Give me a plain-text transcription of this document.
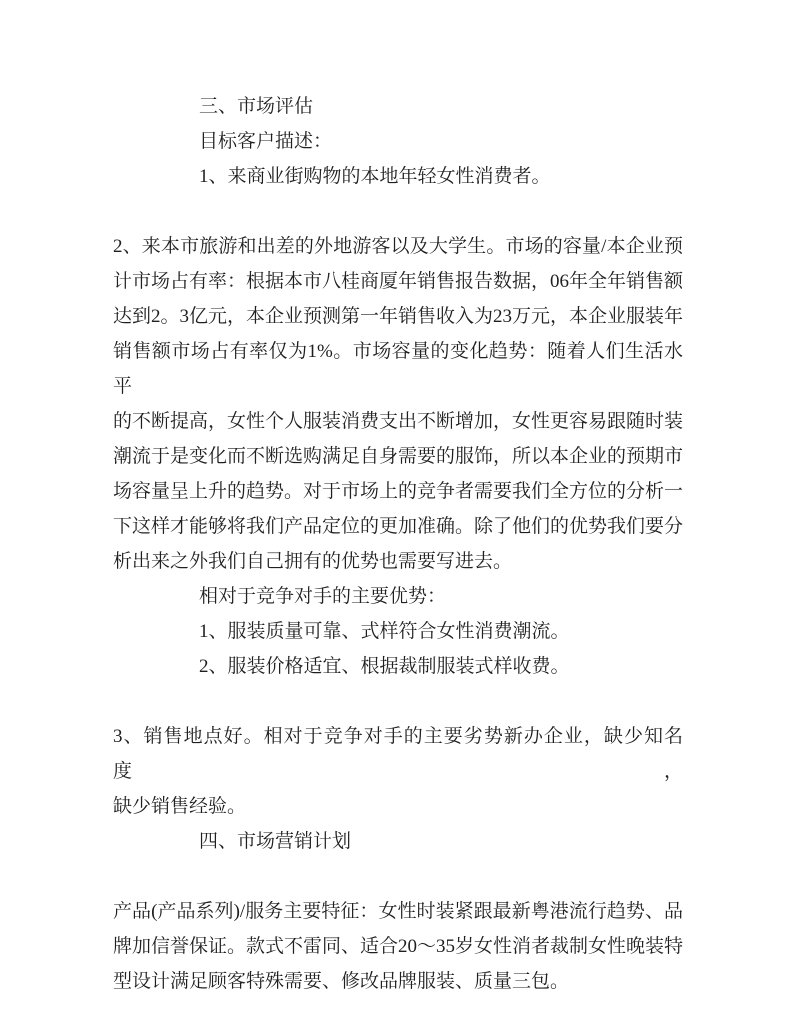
三、市场评估
目标客户描述：
1、来商业街购物的本地年轻女性消费者。
2、来本市旅游和出差的外地游客以及大学生。市场的容量/本企业预
计市场占有率：根据本市八桂商厦年销售报告数据，06年全年销售额
达到2。3亿元，本企业预测第一年销售收入为23万元，本企业服装年
销售额市场占有率仅为1%。市场容量的变化趋势：随着人们生活水平
的不断提高，女性个人服装消费支出不断增加，女性更容易跟随时装
潮流于是变化而不断选购满足自身需要的服饰，所以本企业的预期市
场容量呈上升的趋势。对于市场上的竞争者需要我们全方位的分析一
下这样才能够将我们产品定位的更加准确。除了他们的优势我们要分
析出来之外我们自己拥有的优势也需要写进去。
相对于竞争对手的主要优势：
1、服装质量可靠、式样符合女性消费潮流。
2、服装价格适宜、根据裁制服装式样收费。
3、销售地点好。相对于竞争对手的主要劣势新办企业，缺少知名度，
缺少销售经验。
四、市场营销计划
产品(产品系列)/服务主要特征：女性时装紧跟最新粤港流行趋势、品
牌加信誉保证。款式不雷同、适合20～35岁女性消者裁制女性晚装特
型设计满足顾客特殊需要、修改品牌服装、质量三包。
